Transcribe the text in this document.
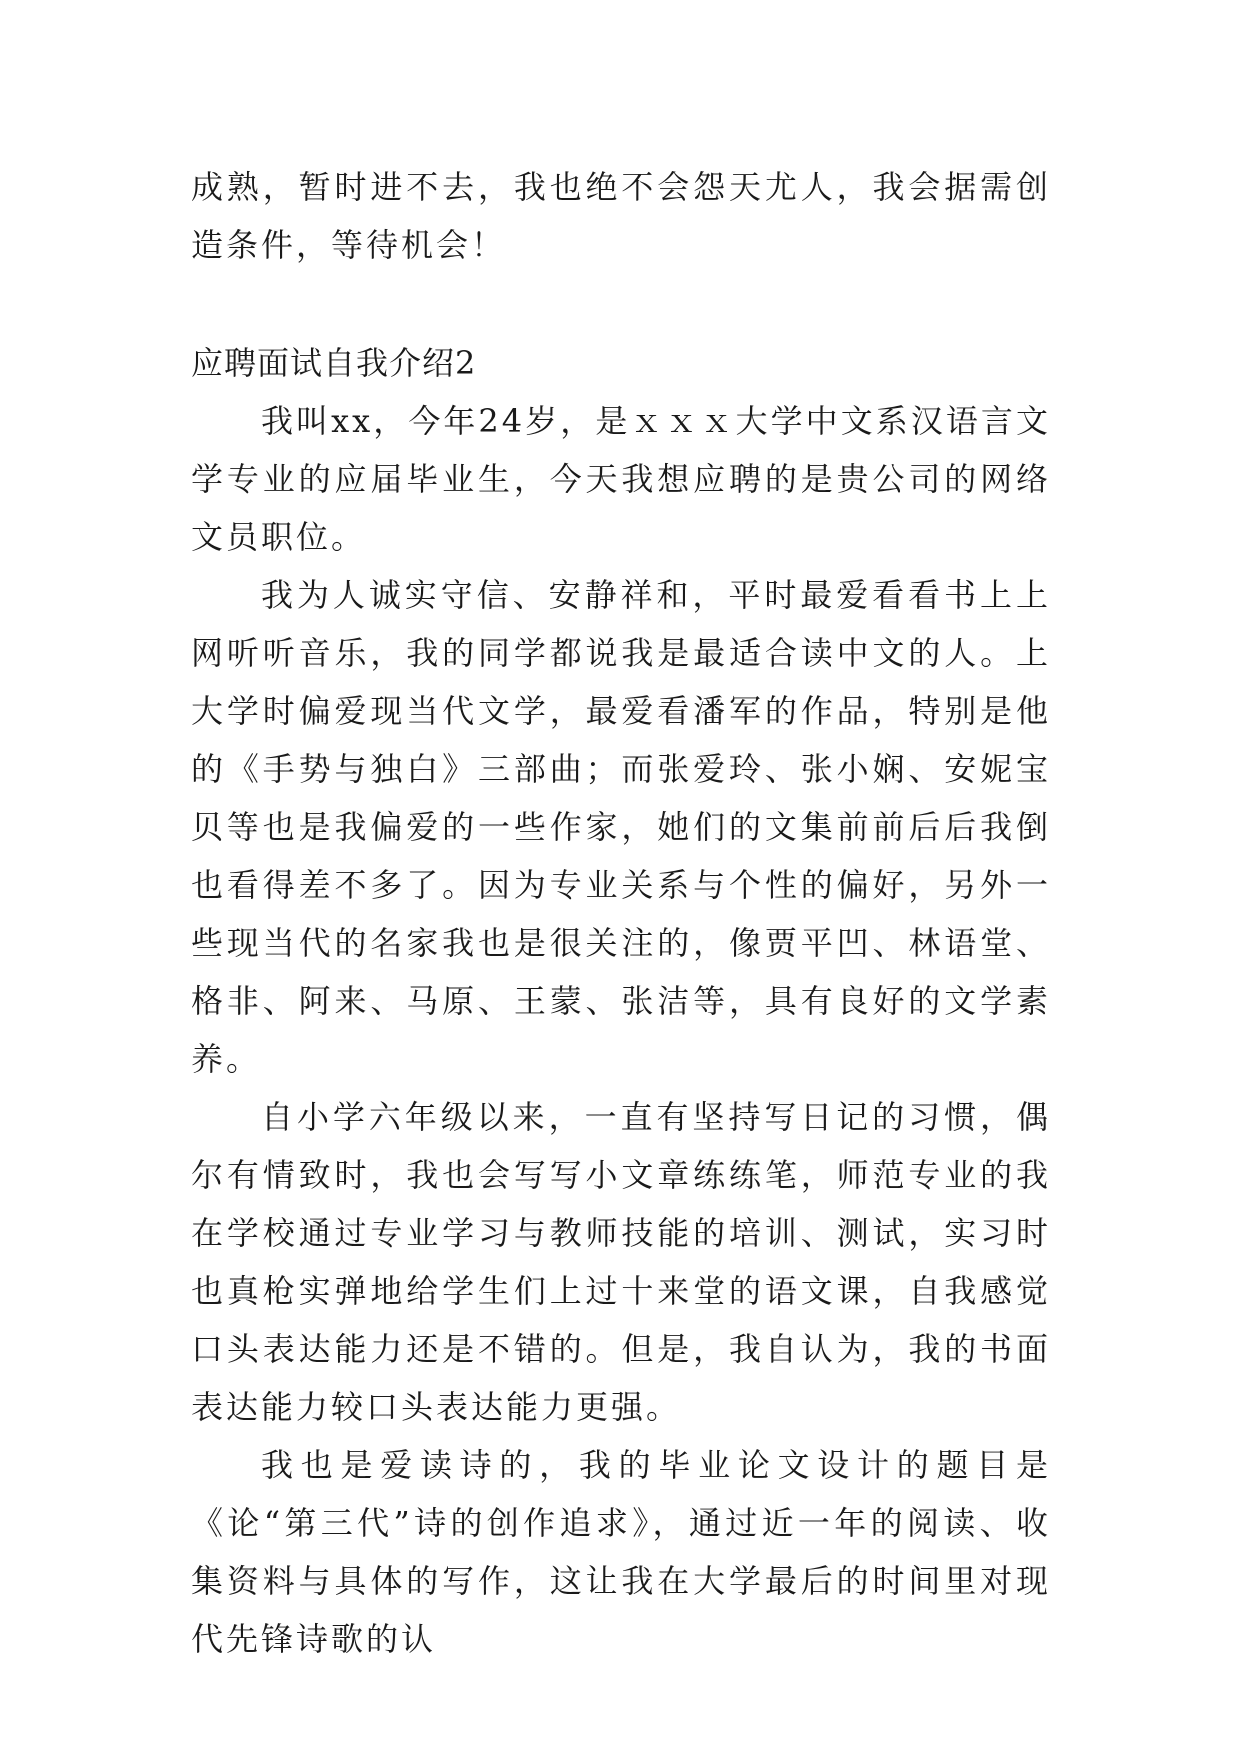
成熟，暂时进不去，我也绝不会怨天尤人，我会据需创造条件，等待机会！
应聘面试自我介绍2

我叫xx，今年24岁，是ｘｘｘ大学中文系汉语言文学专业的应届毕业生，今天我想应聘的是贵公司的网络文员职位。

我为人诚实守信、安静祥和，平时最爱看看书上上网听听音乐，我的同学都说我是最适合读中文的人。上大学时偏爱现当代文学，最爱看潘军的作品，特别是他的《手势与独白》三部曲；而张爱玲、张小娴、安妮宝贝等也是我偏爱的一些作家，她们的文集前前后后我倒也看得差不多了。因为专业关系与个性的偏好，另外一些现当代的名家我也是很关注的，像贾平凹、林语堂、格非、阿来、马原、王蒙、张洁等，具有良好的文学素养。

自小学六年级以来，一直有坚持写日记的习惯，偶尔有情致时，我也会写写小文章练练笔，师范专业的我在学校通过专业学习与教师技能的培训、测试，实习时也真枪实弹地给学生们上过十来堂的语文课，自我感觉口头表达能力还是不错的。但是，我自认为，我的书面表达能力较口头表达能力更强。

我也是爱读诗的，我的毕业论文设计的题目是《论“第三代”诗的创作追求》，通过近一年的阅读、收集资料与具体的写作，这让我在大学最后的时间里对现代先锋诗歌的认
